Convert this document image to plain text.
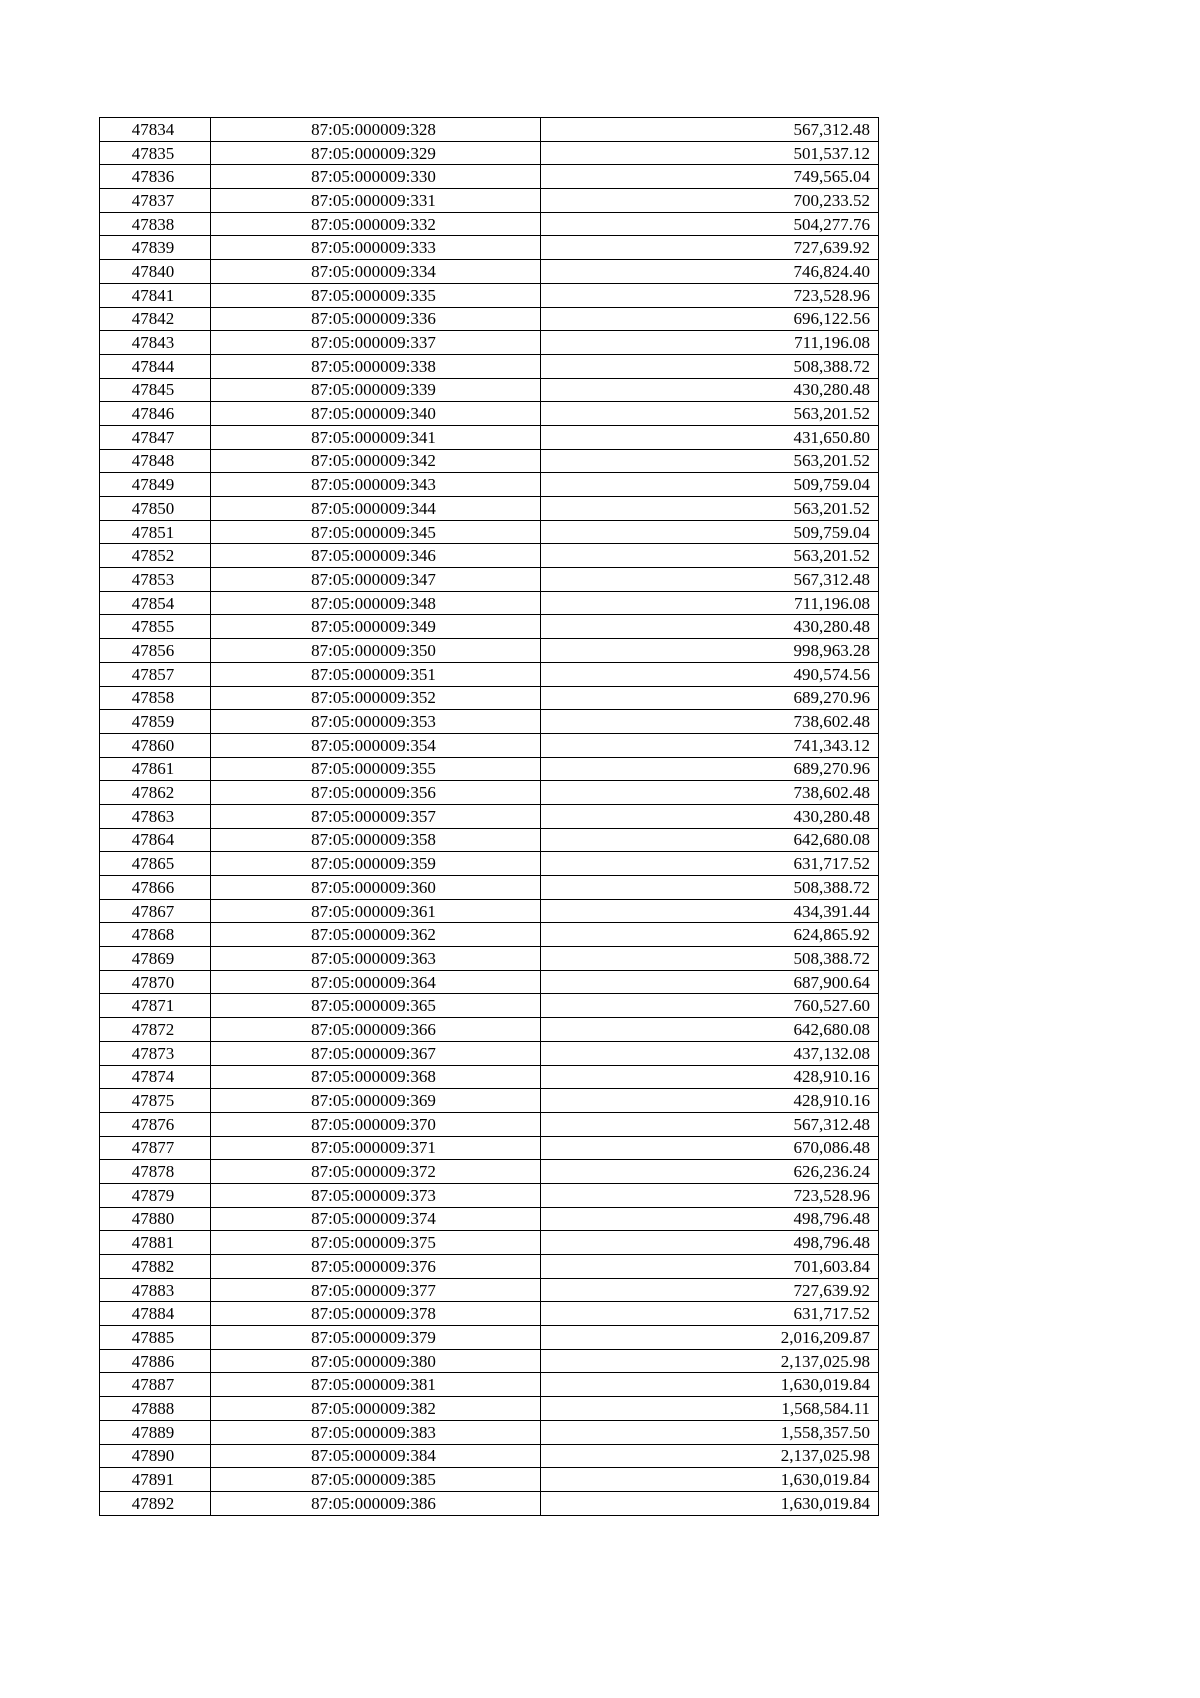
47834	87:05:000009:328	567,312.48
47835	87:05:000009:329	501,537.12
47836	87:05:000009:330	749,565.04
47837	87:05:000009:331	700,233.52
47838	87:05:000009:332	504,277.76
47839	87:05:000009:333	727,639.92
47840	87:05:000009:334	746,824.40
47841	87:05:000009:335	723,528.96
47842	87:05:000009:336	696,122.56
47843	87:05:000009:337	711,196.08
47844	87:05:000009:338	508,388.72
47845	87:05:000009:339	430,280.48
47846	87:05:000009:340	563,201.52
47847	87:05:000009:341	431,650.80
47848	87:05:000009:342	563,201.52
47849	87:05:000009:343	509,759.04
47850	87:05:000009:344	563,201.52
47851	87:05:000009:345	509,759.04
47852	87:05:000009:346	563,201.52
47853	87:05:000009:347	567,312.48
47854	87:05:000009:348	711,196.08
47855	87:05:000009:349	430,280.48
47856	87:05:000009:350	998,963.28
47857	87:05:000009:351	490,574.56
47858	87:05:000009:352	689,270.96
47859	87:05:000009:353	738,602.48
47860	87:05:000009:354	741,343.12
47861	87:05:000009:355	689,270.96
47862	87:05:000009:356	738,602.48
47863	87:05:000009:357	430,280.48
47864	87:05:000009:358	642,680.08
47865	87:05:000009:359	631,717.52
47866	87:05:000009:360	508,388.72
47867	87:05:000009:361	434,391.44
47868	87:05:000009:362	624,865.92
47869	87:05:000009:363	508,388.72
47870	87:05:000009:364	687,900.64
47871	87:05:000009:365	760,527.60
47872	87:05:000009:366	642,680.08
47873	87:05:000009:367	437,132.08
47874	87:05:000009:368	428,910.16
47875	87:05:000009:369	428,910.16
47876	87:05:000009:370	567,312.48
47877	87:05:000009:371	670,086.48
47878	87:05:000009:372	626,236.24
47879	87:05:000009:373	723,528.96
47880	87:05:000009:374	498,796.48
47881	87:05:000009:375	498,796.48
47882	87:05:000009:376	701,603.84
47883	87:05:000009:377	727,639.92
47884	87:05:000009:378	631,717.52
47885	87:05:000009:379	2,016,209.87
47886	87:05:000009:380	2,137,025.98
47887	87:05:000009:381	1,630,019.84
47888	87:05:000009:382	1,568,584.11
47889	87:05:000009:383	1,558,357.50
47890	87:05:000009:384	2,137,025.98
47891	87:05:000009:385	1,630,019.84
47892	87:05:000009:386	1,630,019.84
